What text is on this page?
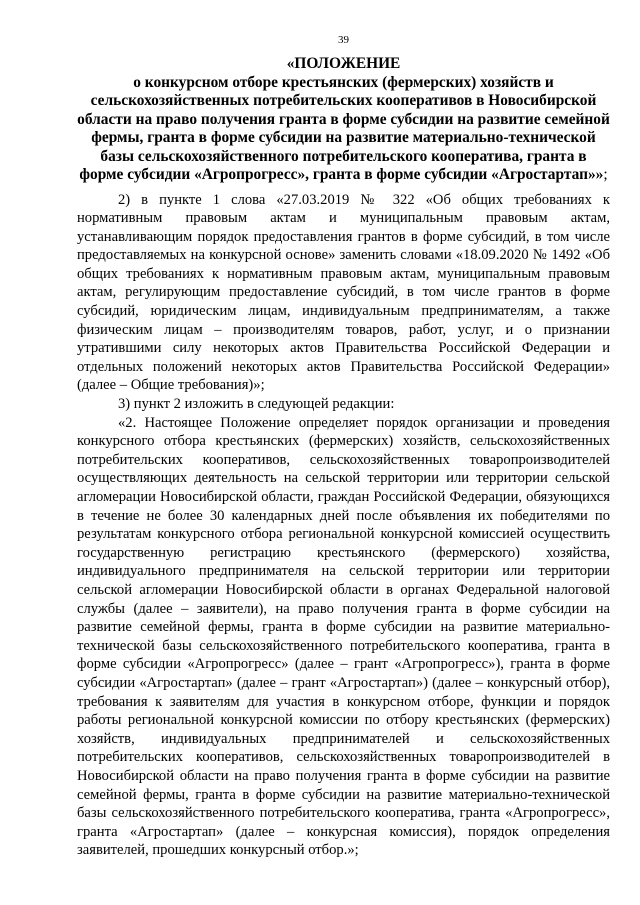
39
«ПОЛОЖЕНИЕ
о конкурсном отборе крестьянских (фермерских) хозяйств и сельскохозяйственных потребительских кооперативов в Новосибирской области на право получения гранта в форме субсидии на развитие семейной фермы, гранта в форме субсидии на развитие материально-технической базы сельскохозяйственного потребительского кооператива, гранта в форме субсидии «Агропрогресс», гранта в форме субсидии «Агростартап»»;

2) в пункте 1 слова «27.03.2019 № 322 «Об общих требованиях к нормативным правовым актам и муниципальным правовым актам, устанавливающим порядок предоставления грантов в форме субсидий, в том числе предоставляемых на конкурсной основе» заменить словами «18.09.2020 № 1492 «Об общих требованиях к нормативным правовым актам, муниципальным правовым актам, регулирующим предоставление субсидий, в том числе грантов в форме субсидий, юридическим лицам, индивидуальным предпринимателям, а также физическим лицам – производителям товаров, работ, услуг, и о признании утратившими силу некоторых актов Правительства Российской Федерации и отдельных положений некоторых актов Правительства Российской Федерации» (далее – Общие требования)»;

3) пункт 2 изложить в следующей редакции:

«2. Настоящее Положение определяет порядок организации и проведения конкурсного отбора крестьянских (фермерских) хозяйств, сельскохозяйственных потребительских кооперативов, сельскохозяйственных товаропроизводителей осуществляющих деятельность на сельской территории или территории сельской агломерации Новосибирской области, граждан Российской Федерации, обязующихся в течение не более 30 календарных дней после объявления их победителями по результатам конкурсного отбора региональной конкурсной комиссией осуществить государственную регистрацию крестьянского (фермерского) хозяйства, индивидуального предпринимателя на сельской территории или территории сельской агломерации Новосибирской области в органах Федеральной налоговой службы (далее – заявители), на право получения гранта в форме субсидии на развитие семейной фермы, гранта в форме субсидии на развитие материально-технической базы сельскохозяйственного потребительского кооператива, гранта в форме субсидии «Агропрогресс» (далее – грант «Агропрогресс»), гранта в форме субсидии «Агростартап» (далее – грант «Агростартап») (далее – конкурсный отбор), требования к заявителям для участия в конкурсном отборе, функции и порядок работы региональной конкурсной комиссии по отбору крестьянских (фермерских) хозяйств, индивидуальных предпринимателей и сельскохозяйственных потребительских кооперативов, сельскохозяйственных товаропроизводителей в Новосибирской области на право получения гранта в форме субсидии на развитие семейной фермы, гранта в форме субсидии на развитие материально-технической базы сельскохозяйственного потребительского кооператива, гранта «Агропрогресс», гранта «Агростартап» (далее – конкурсная комиссия), порядок определения заявителей, прошедших конкурсный отбор.»;
